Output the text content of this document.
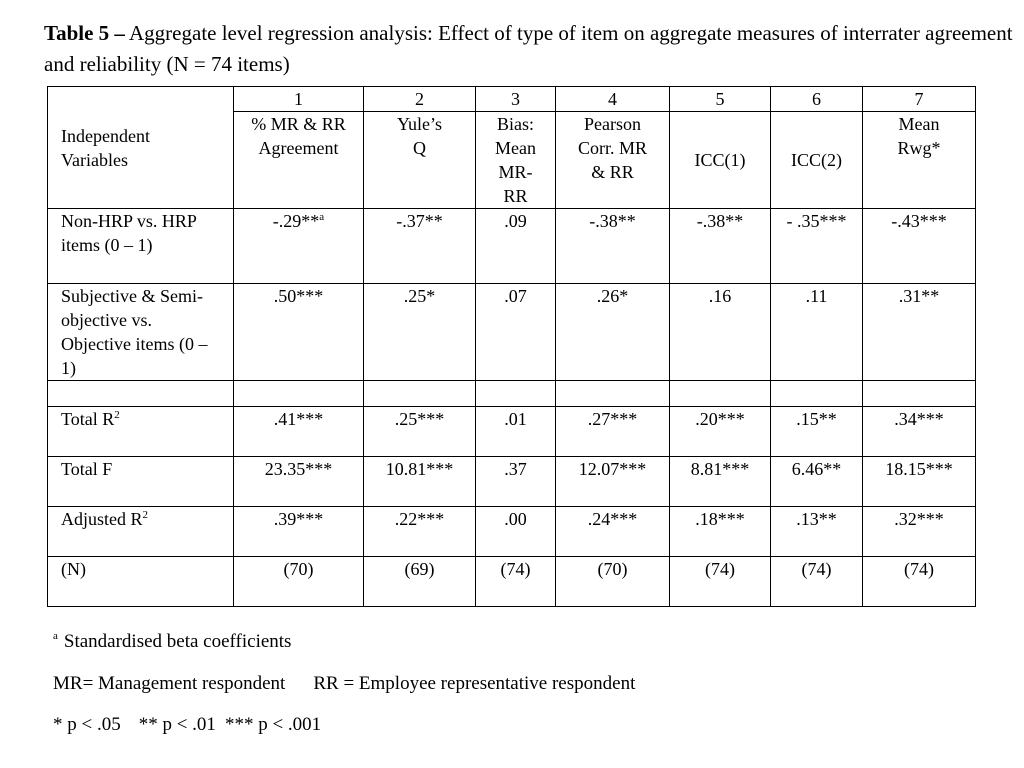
Table 5 – Aggregate level regression analysis: Effect of type of item on aggregate measures of interrater agreement and reliability (N = 74 items)
Independent Variables	1	2	3	4	5	6	7

	% MR & RR Agreement	Yule’s Q	Bias: Mean MR-RR	Pearson Corr. MR & RR	ICC(1)	ICC(2)	Mean Rwg*

Non-HRP vs. HRP items (0 – 1)	-.29**$^a$	-.37**	.09	-.38**	-.38**	- .35***	-.43***

Subjective & Semi-objective vs. Objective items (0 – 1)	.50***	.25*	.07	.26*	.16	.11	.31**

Total $R^2$	.41***	.25***	.01	.27***	.20***	.15**	.34***
Total F	23.35***	10.81***	.37	12.07***	8.81***	6.46**	18.15***
Adjusted $R^2$	.39***	.22***	.00	.24***	.18***	.13**	.32***
(N)	(70)	(69)	(74)	(70)	(74)	(74)	(74)
$^a$ Standardised beta coefficients
MR= Management respondent RR = Employee representative respondent
* p < .05 ** p < .01 *** p < .001
